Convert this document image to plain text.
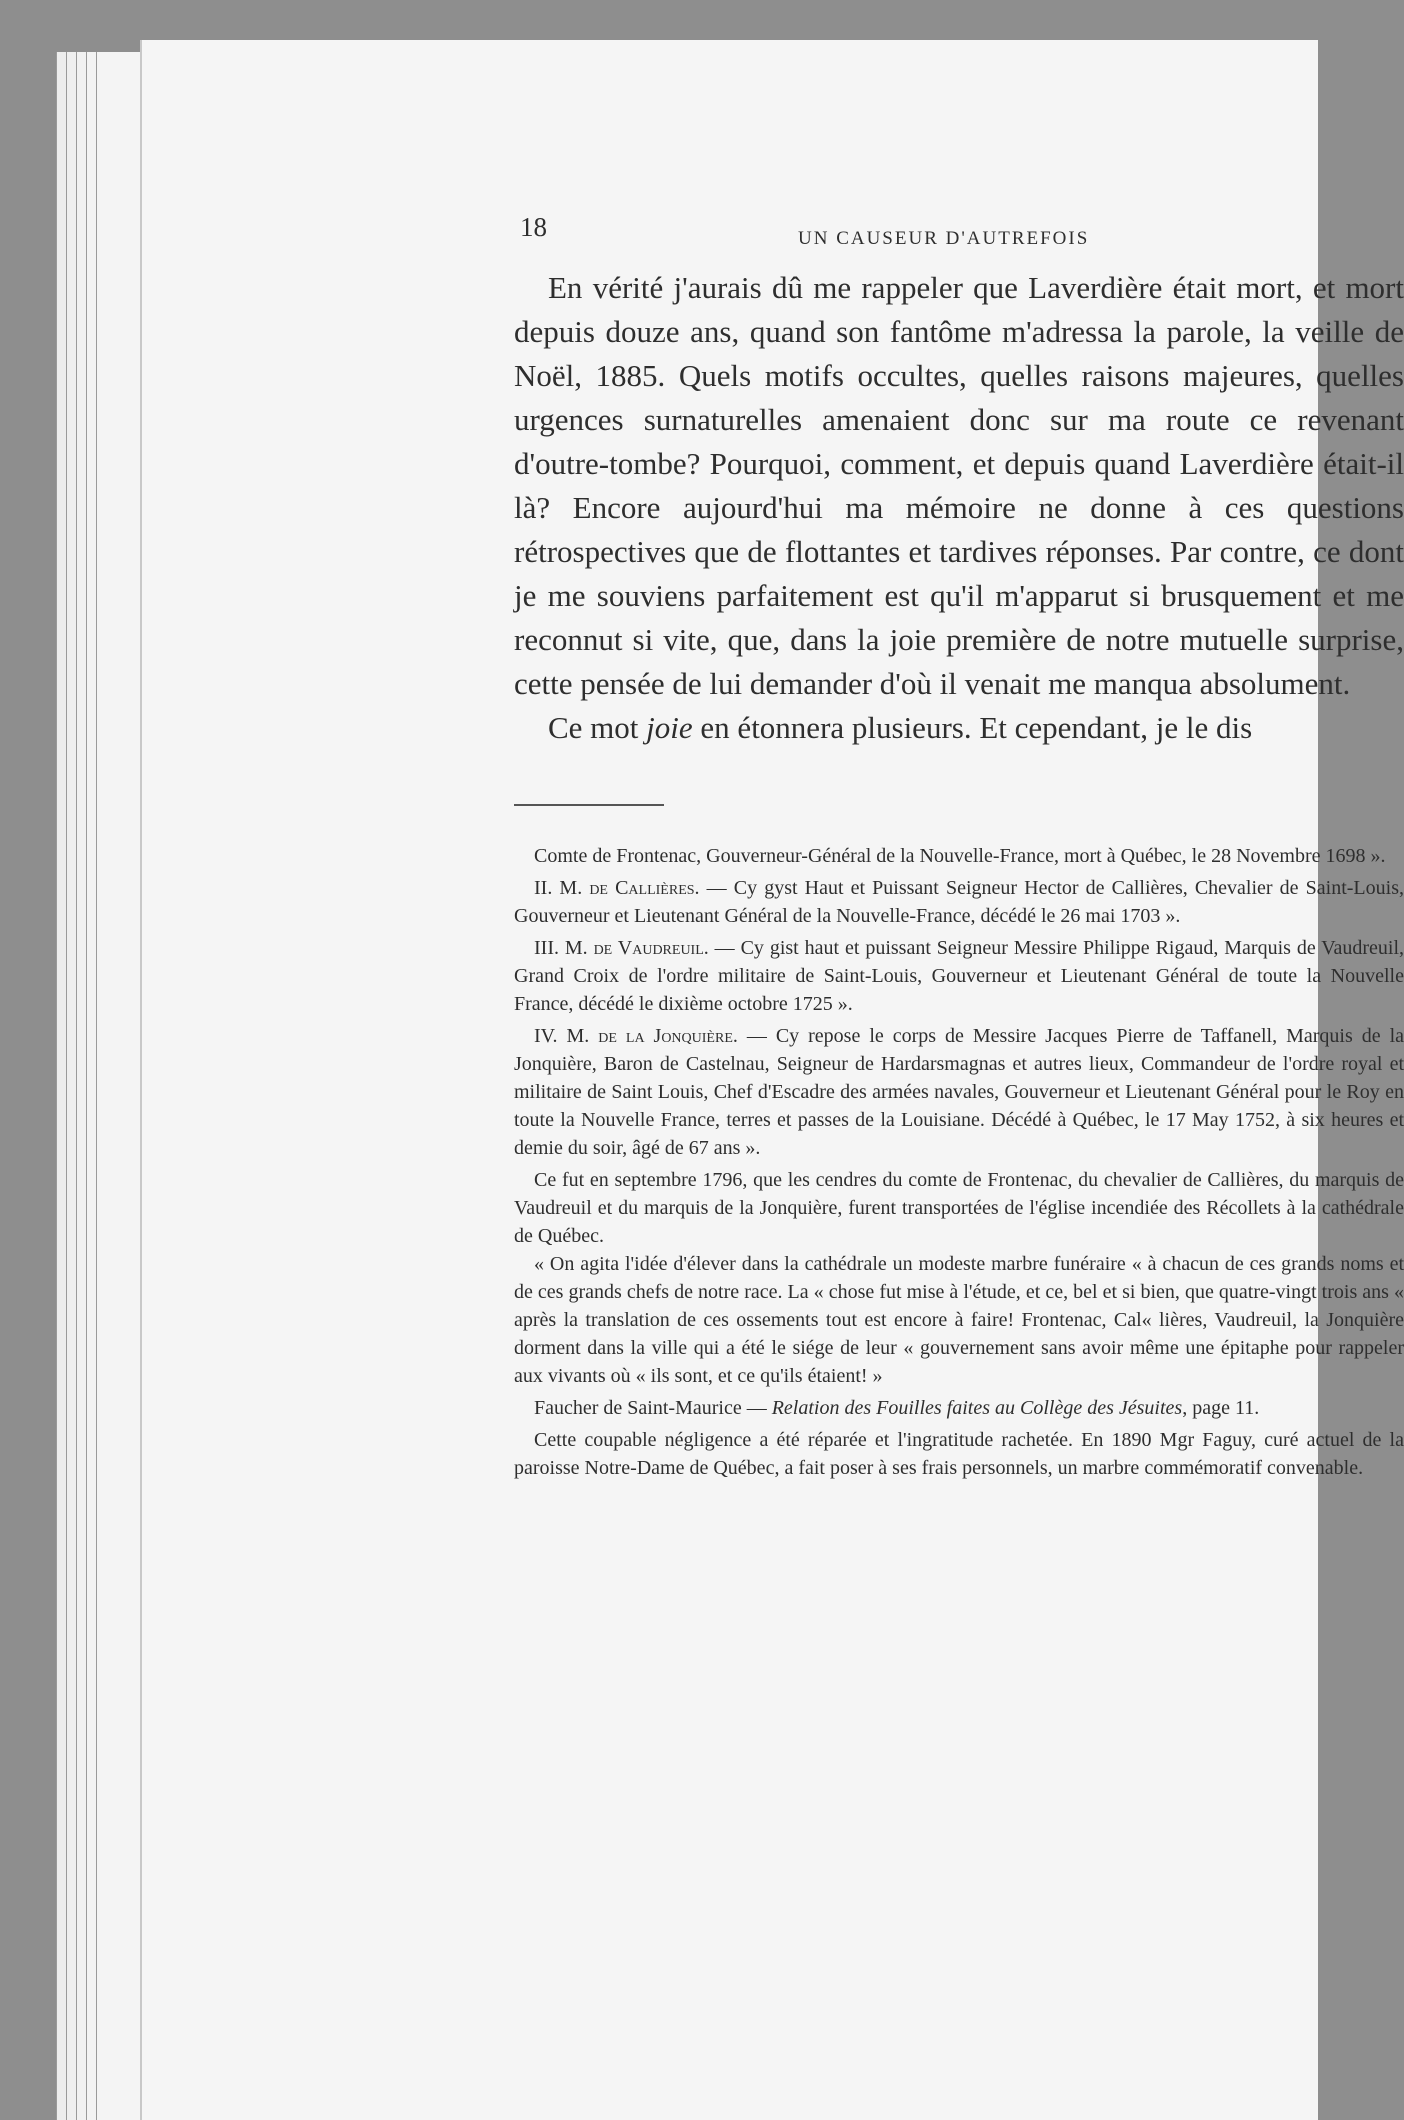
18	UN CAUSEUR D'AUTREFOIS

En vérité j'aurais dû me rappeler que Laverdière était mort, et mort depuis douze ans, quand son fantôme m'adressa la parole, la veille de Noël, 1885. Quels motifs occultes, quelles raisons majeures, quelles urgences surnaturelles amenaient donc sur ma route ce revenant d'outre-tombe? Pourquoi, comment, et depuis quand Laverdière était-il là? Encore aujourd'hui ma mémoire ne donne à ces questions rétrospectives que de flottantes et tardives réponses. Par contre, ce dont je me souviens parfaitement est qu'il m'apparut si brusquement et me reconnut si vite, que, dans la joie première de notre mutuelle surprise, cette pensée de lui demander d'où il venait me manqua absolument.

Ce mot joie en étonnera plusieurs. Et cependant, je le dis

Comte de Frontenac, Gouverneur-Général de la Nouvelle-France, mort à Québec, le 28 Novembre 1698 ».

II. M. de Callières. — Cy gyst Haut et Puissant Seigneur Hector de Callières, Chevalier de Saint-Louis, Gouverneur et Lieutenant Général de la Nouvelle-France, décédé le 26 mai 1703 ».

III. M. de Vaudreuil. — Cy gist haut et puissant Seigneur Messire Philippe Rigaud, Marquis de Vaudreuil, Grand Croix de l'ordre militaire de Saint-Louis, Gouverneur et Lieutenant Général de toute la Nouvelle France, décédé le dixième octobre 1725 ».

IV. M. de la Jonquière. — Cy repose le corps de Messire Jacques Pierre de Taffanell, Marquis de la Jonquière, Baron de Castelnau, Seigneur de Hardarsmagnas et autres lieux, Commandeur de l'ordre royal et militaire de Saint Louis, Chef d'Escadre des armées navales, Gouverneur et Lieutenant Général pour le Roy en toute la Nouvelle France, terres et passes de la Louisiane. Décédé à Québec, le 17 May 1752, à six heures et demie du soir, âgé de 67 ans ».

Ce fut en septembre 1796, que les cendres du comte de Frontenac, du chevalier de Callières, du marquis de Vaudreuil et du marquis de la Jonquière, furent transportées de l'église incendiée des Récollets à la cathédrale de Québec.

« On agita l'idée d'élever dans la cathédrale un modeste marbre funéraire « à chacun de ces grands noms et de ces grands chefs de notre race. La « chose fut mise à l'étude, et ce, bel et si bien, que quatre-vingt trois ans « après la translation de ces ossements tout est encore à faire! Frontenac, Cal« lières, Vaudreuil, la Jonquière dorment dans la ville qui a été le siége de leur « gouvernement sans avoir même une épitaphe pour rappeler aux vivants où « ils sont, et ce qu'ils étaient! »

Faucher de Saint-Maurice — Relation des Fouilles faites au Collège des Jésuites, page 11.

Cette coupable négligence a été réparée et l'ingratitude rachetée. En 1890 Mgr Faguy, curé actuel de la paroisse Notre-Dame de Québec, a fait poser à ses frais personnels, un marbre commémoratif convenable.
